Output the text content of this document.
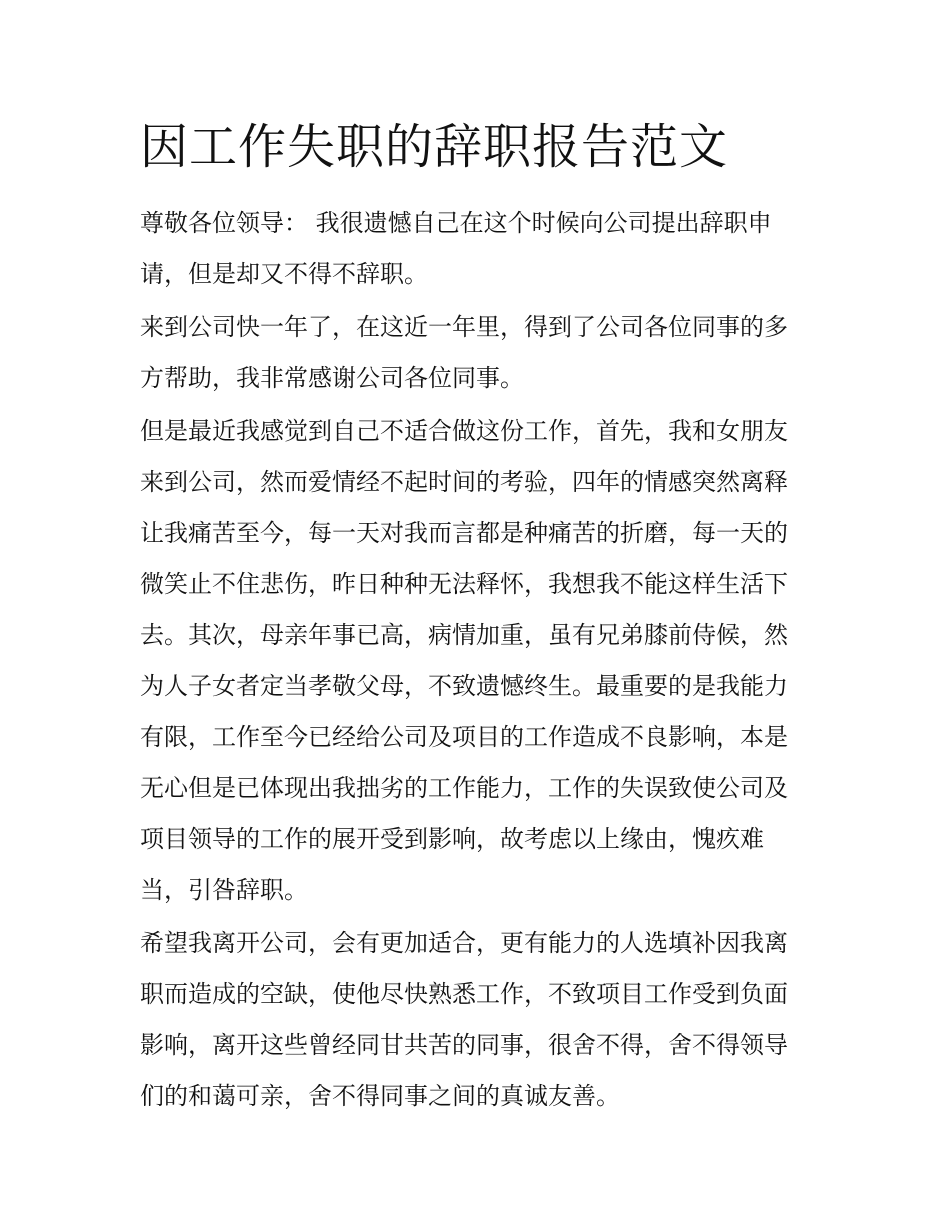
因工作失职的辞职报告范文

尊敬各位领导： 我很遗憾自己在这个时候向公司提出辞职申
请，但是却又不得不辞职。

来到公司快一年了，在这近一年里，得到了公司各位同事的多
方帮助，我非常感谢公司各位同事。

但是最近我感觉到自己不适合做这份工作，首先，我和女朋友
来到公司，然而爱情经不起时间的考验，四年的情感突然离释
让我痛苦至今，每一天对我而言都是种痛苦的折磨，每一天的
微笑止不住悲伤，昨日种种无法释怀，我想我不能这样生活下
去。其次，母亲年事已高，病情加重，虽有兄弟膝前侍候，然
为人子女者定当孝敬父母，不致遗憾终生。最重要的是我能力
有限，工作至今已经给公司及项目的工作造成不良影响，本是
无心但是已体现出我拙劣的工作能力，工作的失误致使公司及
项目领导的工作的展开受到影响，故考虑以上缘由，愧疚难
当，引咎辞职。

希望我离开公司，会有更加适合，更有能力的人选填补因我离
职而造成的空缺，使他尽快熟悉工作，不致项目工作受到负面
影响，离开这些曾经同甘共苦的同事，很舍不得，舍不得领导
们的和蔼可亲，舍不得同事之间的真诚友善。
